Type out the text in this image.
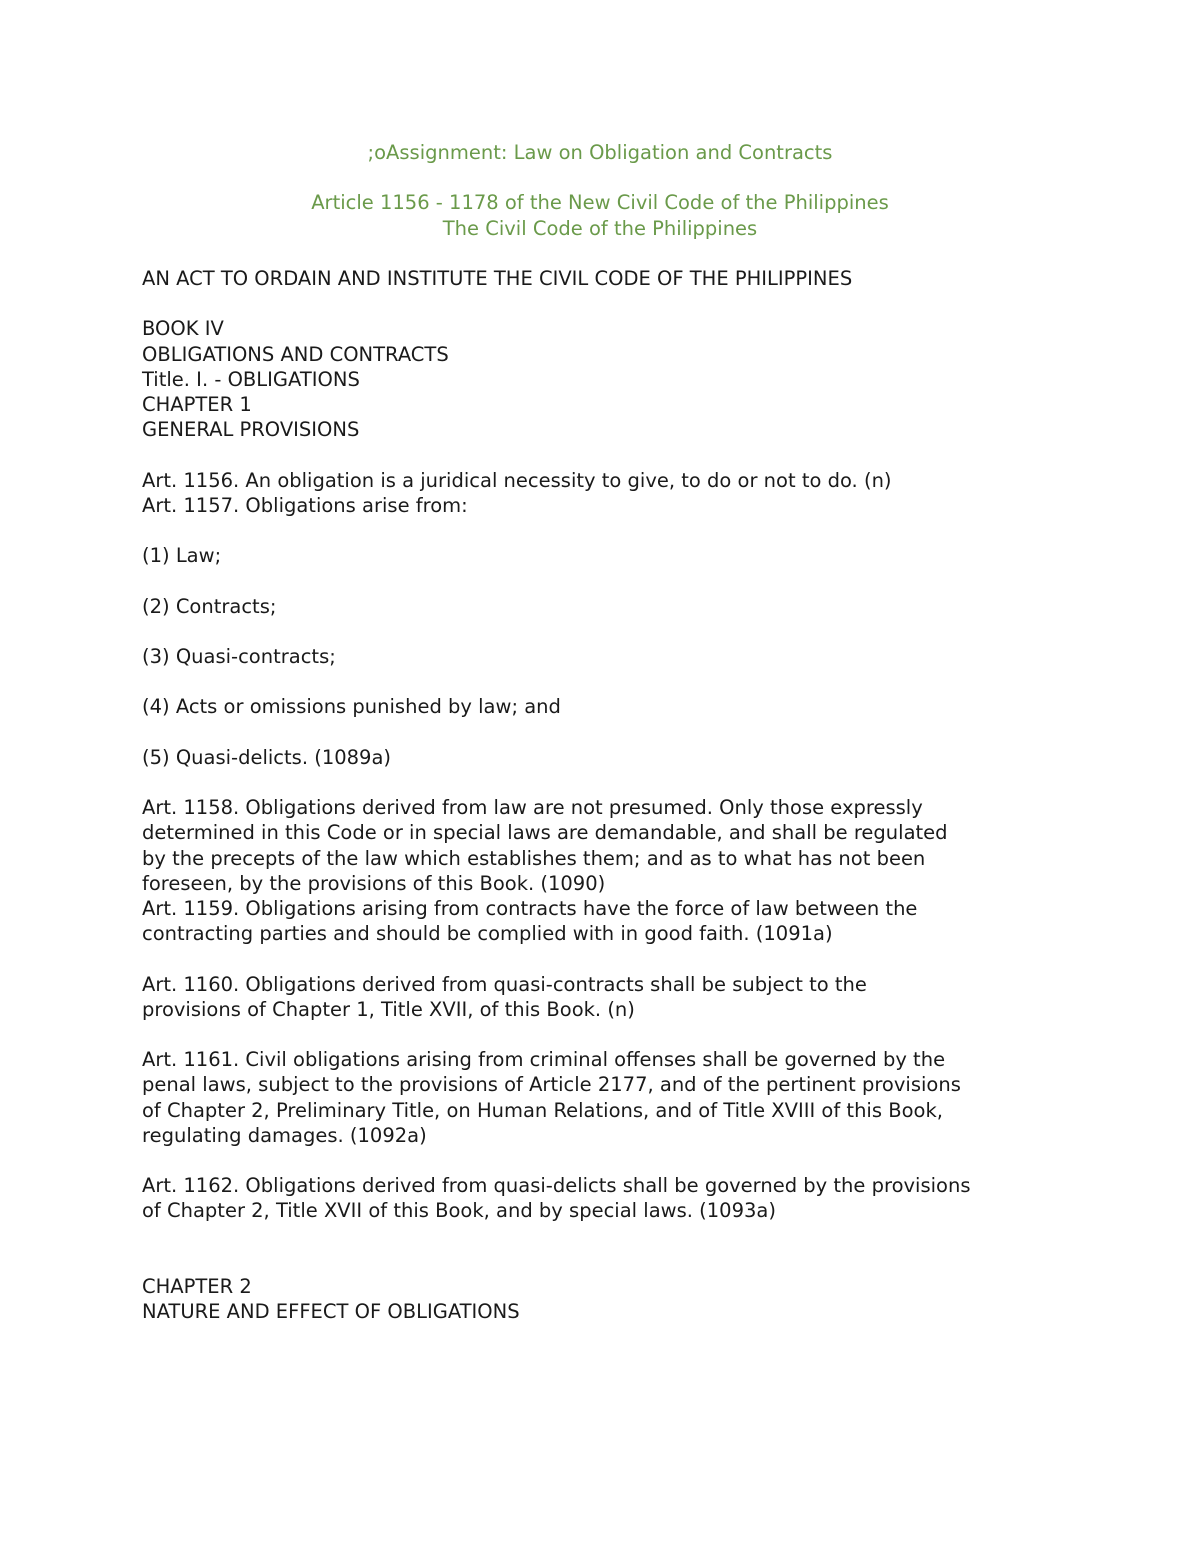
;oAssignment: Law on Obligation and Contracts
Article 1156 - 1178 of the New Civil Code of the Philippines
The Civil Code of the Philippines
AN ACT TO ORDAIN AND INSTITUTE THE CIVIL CODE OF THE PHILIPPINES
BOOK IV
OBLIGATIONS AND CONTRACTS
Title. I. - OBLIGATIONS
CHAPTER 1
GENERAL PROVISIONS
Art. 1156. An obligation is a juridical necessity to give, to do or not to do. (n)
Art. 1157. Obligations arise from:
(1) Law;
(2) Contracts;
(3) Quasi-contracts;
(4) Acts or omissions punished by law; and
(5) Quasi-delicts. (1089a)
Art. 1158. Obligations derived from law are not presumed. Only those expressly
determined in this Code or in special laws are demandable, and shall be regulated
by the precepts of the law which establishes them; and as to what has not been
foreseen, by the provisions of this Book. (1090)
Art. 1159. Obligations arising from contracts have the force of law between the
contracting parties and should be complied with in good faith. (1091a)
Art. 1160. Obligations derived from quasi-contracts shall be subject to the
provisions of Chapter 1, Title XVII, of this Book. (n)
Art. 1161. Civil obligations arising from criminal offenses shall be governed by the
penal laws, subject to the provisions of Article 2177, and of the pertinent provisions
of Chapter 2, Preliminary Title, on Human Relations, and of Title XVIII of this Book,
regulating damages. (1092a)
Art. 1162. Obligations derived from quasi-delicts shall be governed by the provisions
of Chapter 2, Title XVII of this Book, and by special laws. (1093a)
CHAPTER 2
NATURE AND EFFECT OF OBLIGATIONS
